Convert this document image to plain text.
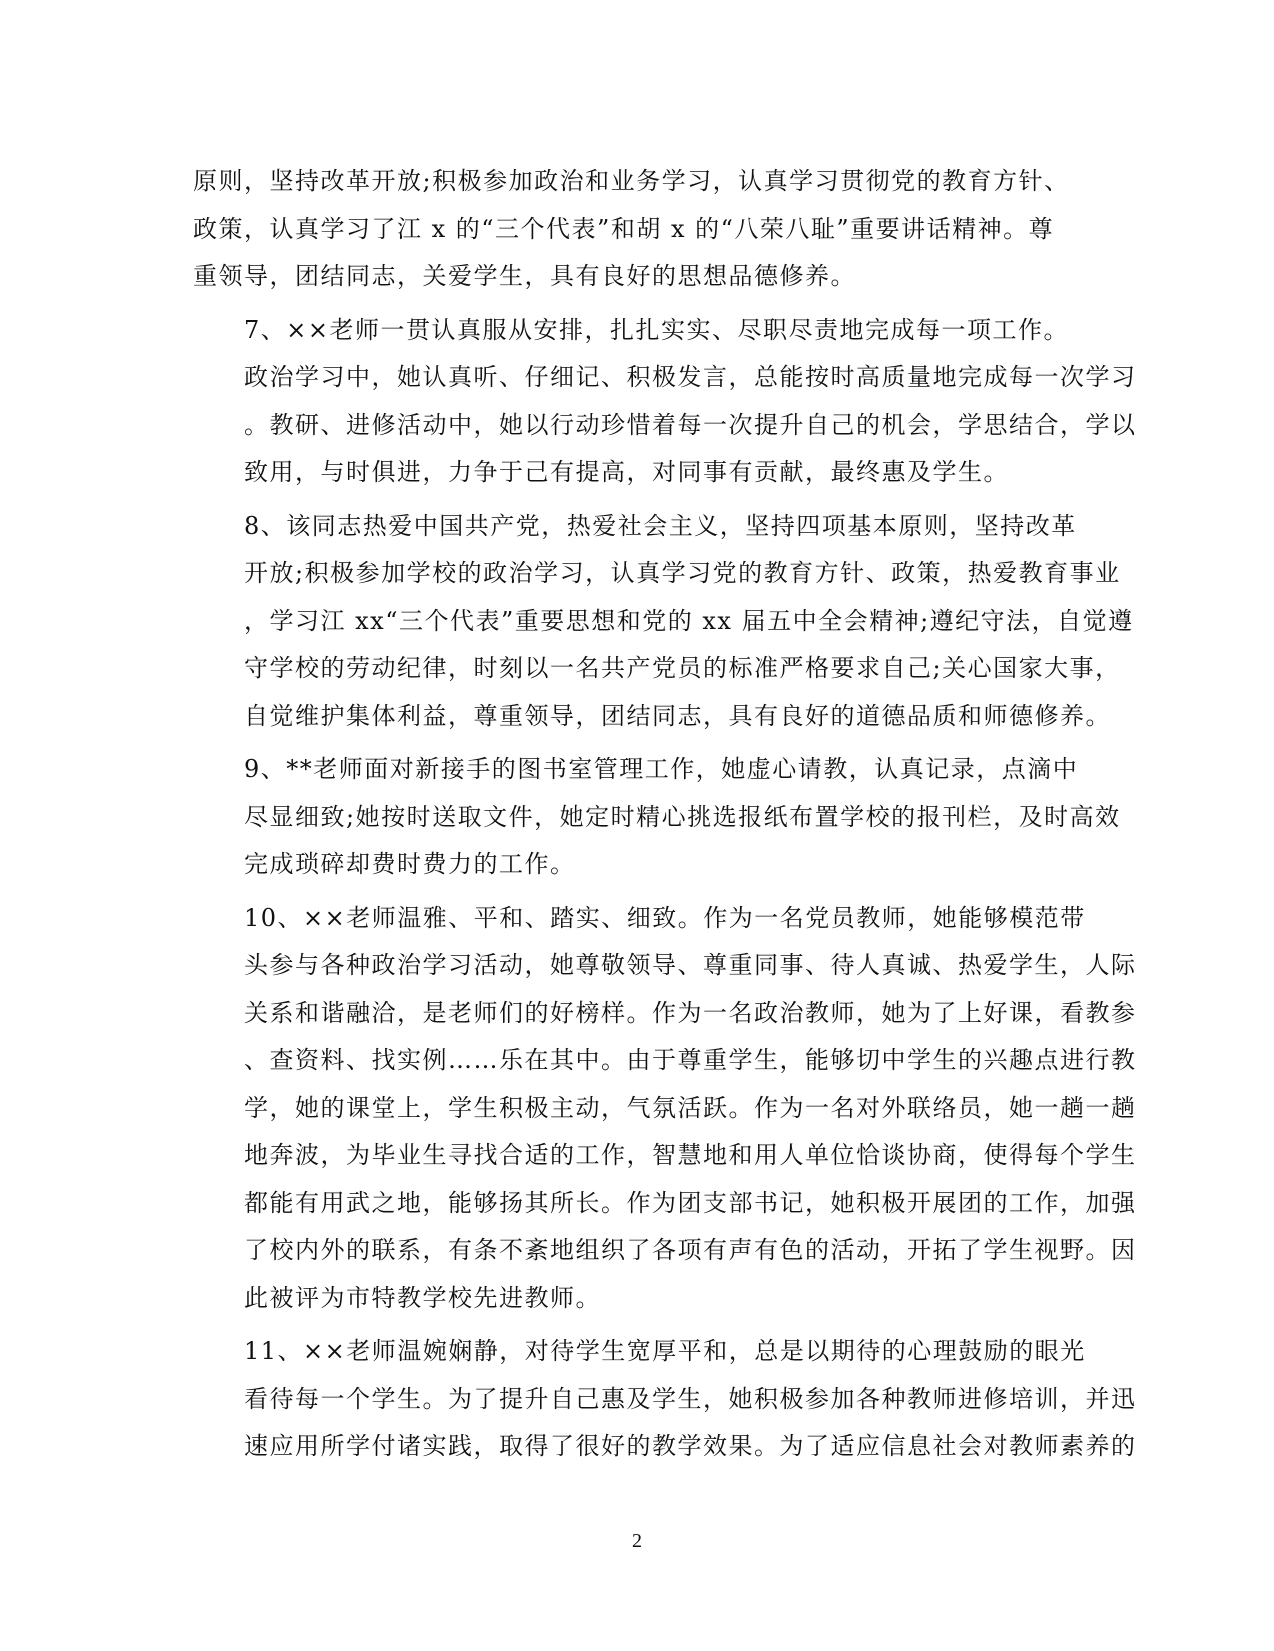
原则，坚持改革开放;积极参加政治和业务学习，认真学习贯彻党的教育方针、
政策，认真学习了江 x 的“三个代表”和胡 x 的“八荣八耻”重要讲话精神。尊
重领导，团结同志，关爱学生，具有良好的思想品德修养。

7、××老师一贯认真服从安排，扎扎实实、尽职尽责地完成每一项工作。
政治学习中，她认真听、仔细记、积极发言，总能按时高质量地完成每一次学习
。教研、进修活动中，她以行动珍惜着每一次提升自己的机会，学思结合，学以
致用，与时俱进，力争于己有提高，对同事有贡献，最终惠及学生。

8、该同志热爱中国共产党，热爱社会主义，坚持四项基本原则，坚持改革
开放;积极参加学校的政治学习，认真学习党的教育方针、政策，热爱教育事业
，学习江 xx“三个代表”重要思想和党的 xx 届五中全会精神;遵纪守法，自觉遵
守学校的劳动纪律，时刻以一名共产党员的标准严格要求自己;关心国家大事，
自觉维护集体利益，尊重领导，团结同志，具有良好的道德品质和师德修养。

9、**老师面对新接手的图书室管理工作，她虚心请教，认真记录，点滴中
尽显细致;她按时送取文件，她定时精心挑选报纸布置学校的报刊栏，及时高效
完成琐碎却费时费力的工作。

10、××老师温雅、平和、踏实、细致。作为一名党员教师，她能够模范带
头参与各种政治学习活动，她尊敬领导、尊重同事、待人真诚、热爱学生，人际
关系和谐融洽，是老师们的好榜样。作为一名政治教师，她为了上好课，看教参
、查资料、找实例……乐在其中。由于尊重学生，能够切中学生的兴趣点进行教
学，她的课堂上，学生积极主动，气氛活跃。作为一名对外联络员，她一趟一趟
地奔波，为毕业生寻找合适的工作，智慧地和用人单位恰谈协商，使得每个学生
都能有用武之地，能够扬其所长。作为团支部书记，她积极开展团的工作，加强
了校内外的联系，有条不紊地组织了各项有声有色的活动，开拓了学生视野。因
此被评为市特教学校先进教师。

11、××老师温婉娴静，对待学生宽厚平和，总是以期待的心理鼓励的眼光
看待每一个学生。为了提升自己惠及学生，她积极参加各种教师进修培训，并迅
速应用所学付诸实践，取得了很好的教学效果。为了适应信息社会对教师素养的

2
